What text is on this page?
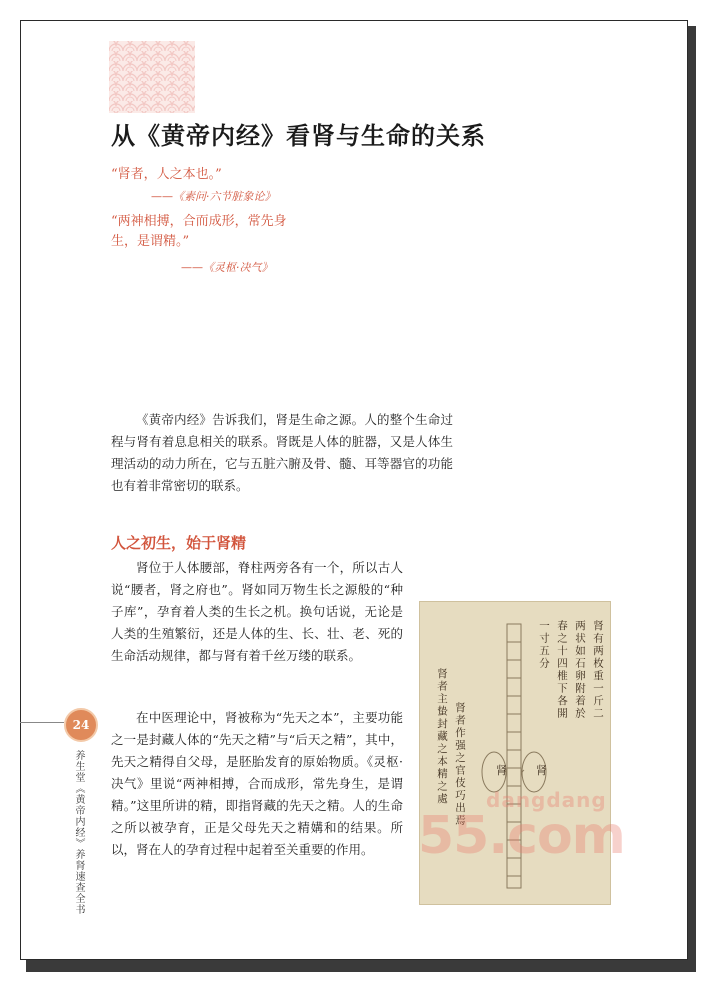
从《黄帝内经》看肾与生命的关系

“肾者，人之本也。”

——《素问·六节脏象论》

“两神相搏，合而成形，常先身生，是谓精。”

——《灵枢·决气》

《黄帝内经》告诉我们，肾是生命之源。人的整个生命过程与肾有着息息相关的联系。肾既是人体的脏器，又是人体生理活动的动力所在，它与五脏六腑及骨、髓、耳等器官的功能也有着非常密切的联系。

人之初生，始于肾精

肾位于人体腰部，脊柱两旁各有一个，所以古人说“腰者，肾之府也”。肾如同万物生长之源般的“种子库”，孕育着人类的生长之机。换句话说，无论是人类的生殖繁衍，还是人体的生、长、壮、老、死的生命活动规律，都与肾有着千丝万缕的联系。

在中医理论中，肾被称为“先天之本”，主要功能之一是封藏人体的“先天之精”与“后天之精”，其中，先天之精得自父母，是胚胎发育的原始物质。《灵枢·决气》里说“两神相搏，合而成形，常先身生，是谓精。”这里所讲的精，即指肾藏的先天之精。人的生命之所以被孕育，正是父母先天之精媾和的结果。所以，肾在人的孕育过程中起着至关重要的作用。

肾有两枚重一斤二
两状如石卵附着於
春之十四椎下各開
一寸五分
肾者作强之官伎巧出焉
肾者主蛰封藏之本精之處	肾	肾
24
养生堂《黄帝内经》养肾速查全书	dangdang
55.com
